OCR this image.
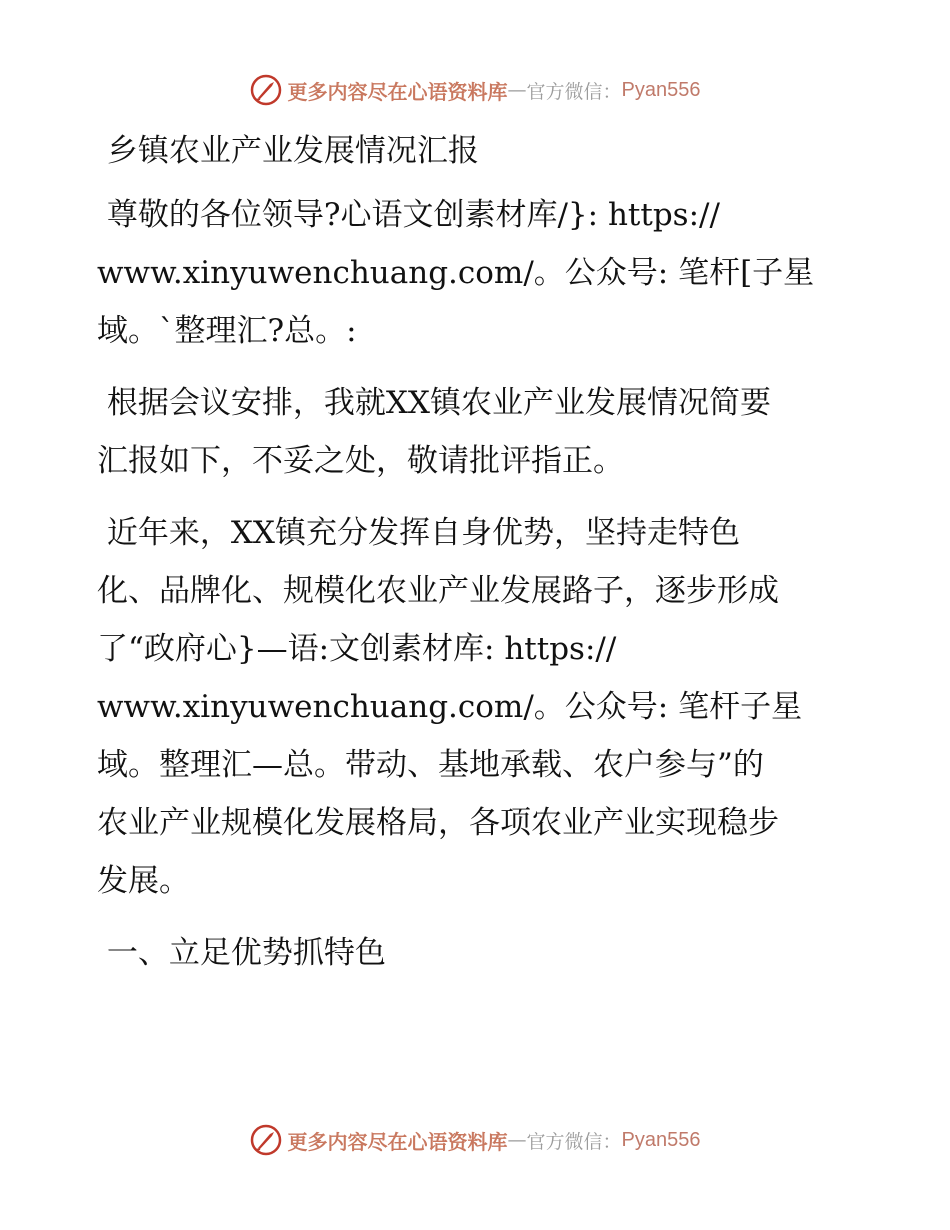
更多内容尽在心语资料库 — 官方微信： Pyan556
乡镇农业产业发展情况汇报
尊敬的各位领导?心语文创素材库/}: https://
www.xinyuwenchuang.com/。公众号: 笔杆[子星
域。`整理汇?总。:
根据会议安排，我就XX镇农业产业发展情况简要
汇报如下，不妥之处，敬请批评指正。
近年来，XX镇充分发挥自身优势，坚持走特色
化、品牌化、规模化农业产业发展路子，逐步形成
了“政府心}—语:文创素材库: https://
www.xinyuwenchuang.com/。公众号: 笔杆子星
域。整理汇—总。带动、基地承载、农户参与”的
农业产业规模化发展格局，各项农业产业实现稳步
发展。
一、立足优势抓特色
更多内容尽在心语资料库 — 官方微信： Pyan556
